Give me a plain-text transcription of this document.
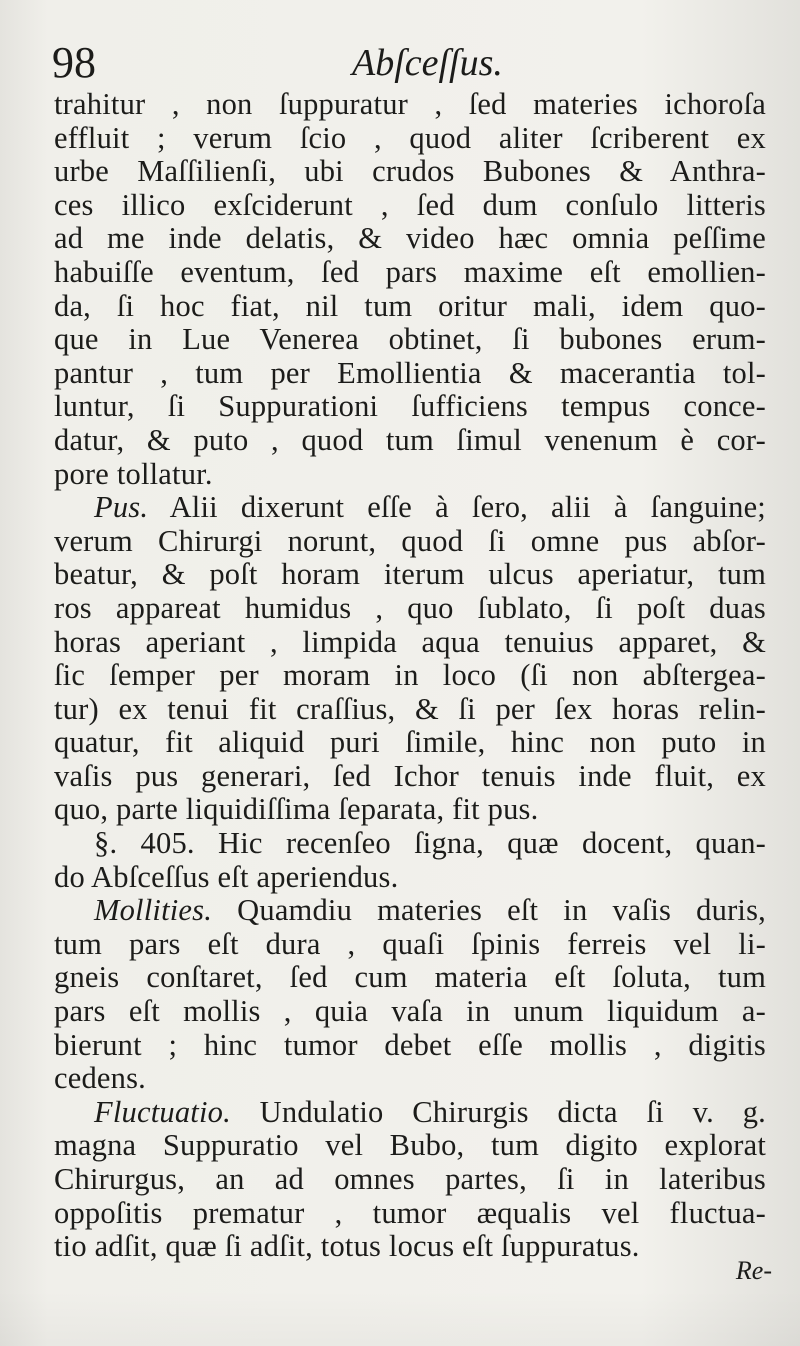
98	Abſceſſus.
trahitur , non ſuppuratur , ſed materies ichoroſa
effluit ; verum ſcio , quod aliter ſcriberent ex
urbe Maſſilienſi, ubi crudos Bubones & Anthra-
ces illico exſciderunt , ſed dum conſulo litteris
ad me inde delatis, & video hæc omnia peſſime
habuiſſe eventum, ſed pars maxime eſt emollien-
da, ſi hoc fiat, nil tum oritur mali, idem quo-
que in Lue Venerea obtinet, ſi bubones erum-
pantur , tum per Emollientia & macerantia tol-
luntur, ſi Suppurationi ſufficiens tempus conce-
datur, & puto , quod tum ſimul venenum è cor-
pore tollatur.
Pus. Alii dixerunt eſſe à ſero, alii à ſanguine;
verum Chirurgi norunt, quod ſi omne pus abſor-
beatur, & poſt horam iterum ulcus aperiatur, tum
ros appareat humidus , quo ſublato, ſi poſt duas
horas aperiant , limpida aqua tenuius apparet, &
ſic ſemper per moram in loco (ſi non abſtergea-
tur) ex tenui fit craſſius, & ſi per ſex horas relin-
quatur, fit aliquid puri ſimile, hinc non puto in
vaſis pus generari, ſed Ichor tenuis inde fluit, ex
quo, parte liquidiſſima ſeparata, fit pus.
§. 405. Hic recenſeo ſigna, quæ docent, quan-
do Abſceſſus eſt aperiendus.
Mollities. Quamdiu materies eſt in vaſis duris,
tum pars eſt dura , quaſi ſpinis ferreis vel li-
gneis conſtaret, ſed cum materia eſt ſoluta, tum
pars eſt mollis , quia vaſa in unum liquidum a-
bierunt ; hinc tumor debet eſſe mollis , digitis
cedens.
Fluctuatio. Undulatio Chirurgis dicta ſi v. g.
magna Suppuratio vel Bubo, tum digito explorat
Chirurgus, an ad omnes partes, ſi in lateribus
oppoſitis prematur , tumor æqualis vel fluctua-
tio adſit, quæ ſi adſit, totus locus eſt ſuppuratus.
Re-
